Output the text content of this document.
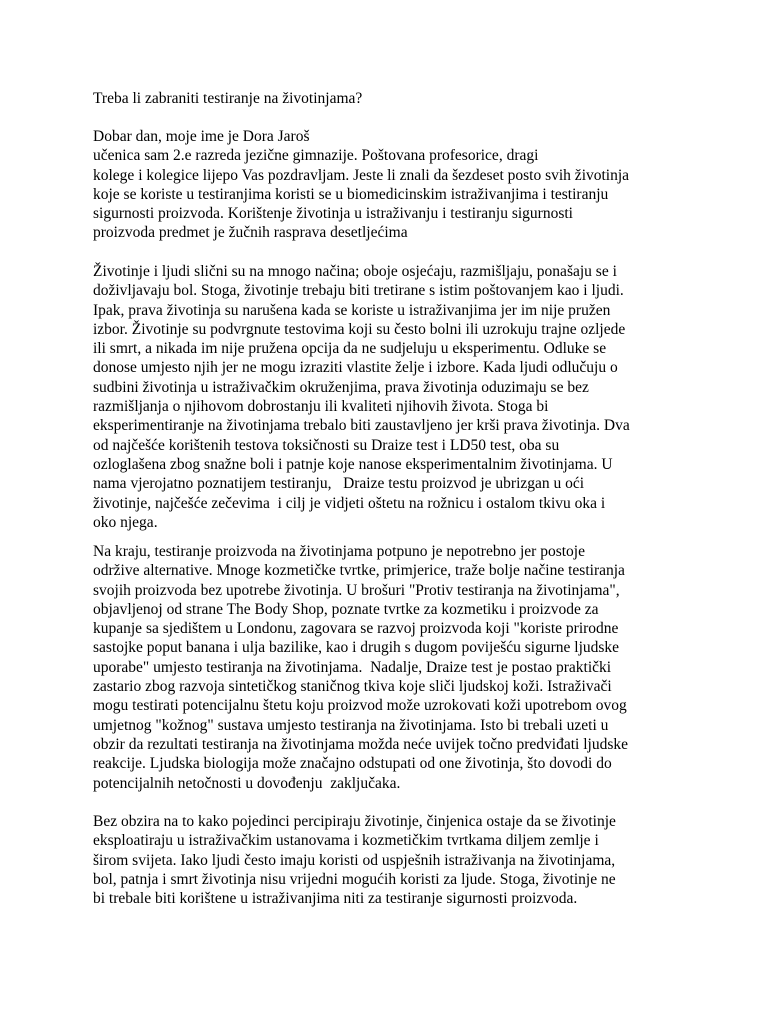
Treba li zabraniti testiranje na životinjama?
Dobar dan, moje ime je Dora Jaroš
učenica sam 2.e razreda jezične gimnazije. Poštovana profesorice, dragi
kolege i kolegice lijepo Vas pozdravljam. Jeste li znali da šezdeset posto svih životinja
koje se koriste u testiranjima koristi se u biomedicinskim istraživanjima i testiranju
sigurnosti proizvoda. Korištenje životinja u istraživanju i testiranju sigurnosti
proizvoda predmet je žučnih rasprava desetljećima
Životinje i ljudi slični su na mnogo načina; oboje osjećaju, razmišljaju, ponašaju se i
doživljavaju bol. Stoga, životinje trebaju biti tretirane s istim poštovanjem kao i ljudi.
Ipak, prava životinja su narušena kada se koriste u istraživanjima jer im nije pružen
izbor. Životinje su podvrgnute testovima koji su često bolni ili uzrokuju trajne ozljede
ili smrt, a nikada im nije pružena opcija da ne sudjeluju u eksperimentu. Odluke se
donose umjesto njih jer ne mogu izraziti vlastite želje i izbore. Kada ljudi odlučuju o
sudbini životinja u istraživačkim okruženjima, prava životinja oduzimaju se bez
razmišljanja o njihovom dobrostanju ili kvaliteti njihovih života. Stoga bi
eksperimentiranje na životinjama trebalo biti zaustavljeno jer krši prava životinja. Dva
od najčešće korištenih testova toksičnosti su Draize test i LD50 test, oba su
ozloglašena zbog snažne boli i patnje koje nanose eksperimentalnim životinjama. U
nama vjerojatno poznatijem testiranju,   Draize testu proizvod je ubrizgan u oći
životinje, najčešće zečevima  i cilj je vidjeti oštetu na rožnicu i ostalom tkivu oka i
oko njega.
Na kraju, testiranje proizvoda na životinjama potpuno je nepotrebno jer postoje
održive alternative. Mnoge kozmetičke tvrtke, primjerice, traže bolje načine testiranja
svojih proizvoda bez upotrebe životinja. U brošuri "Protiv testiranja na životinjama",
objavljenoj od strane The Body Shop, poznate tvrtke za kozmetiku i proizvode za
kupanje sa sjedištem u Londonu, zagovara se razvoj proizvoda koji "koriste prirodne
sastojke poput banana i ulja bazilike, kao i drugih s dugom poviješću sigurne ljudske
uporabe" umjesto testiranja na životinjama.  Nadalje, Draize test je postao praktički
zastario zbog razvoja sintetičkog staničnog tkiva koje sliči ljudskoj koži. Istraživači
mogu testirati potencijalnu štetu koju proizvod može uzrokovati koži upotrebom ovog
umjetnog "kožnog" sustava umjesto testiranja na životinjama. Isto bi trebali uzeti u
obzir da rezultati testiranja na životinjama možda neće uvijek točno predviđati ljudske
reakcije. Ljudska biologija može značajno odstupati od one životinja, što dovodi do
potencijalnih netočnosti u dovođenju  zaključaka.
Bez obzira na to kako pojedinci percipiraju životinje, činjenica ostaje da se životinje
eksploatiraju u istraživačkim ustanovama i kozmetičkim tvrtkama diljem zemlje i
širom svijeta. Iako ljudi često imaju koristi od uspješnih istraživanja na životinjama,
bol, patnja i smrt životinja nisu vrijedni mogućih koristi za ljude. Stoga, životinje ne
bi trebale biti korištene u istraživanjima niti za testiranje sigurnosti proizvoda.
